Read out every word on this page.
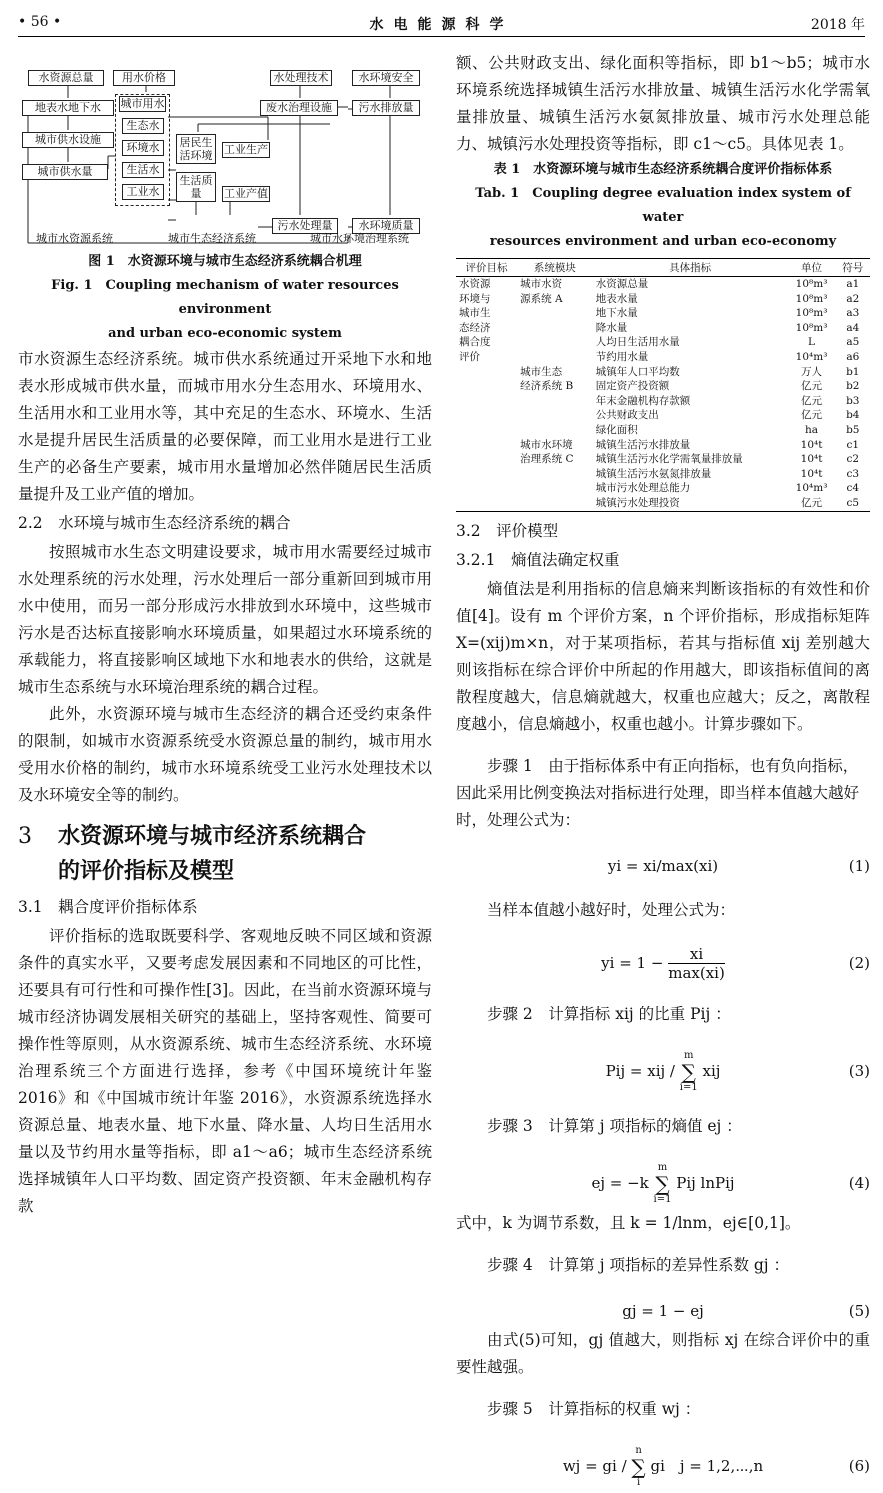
• 56 •	水电能源科学	2018 年
水资源总量
地表水地下水
城市供水设施
城市供水量
用水价格
城市用水
生态水
环境水
生活水
工业水
居民生活环境
生活质量
工业生产
工业产值
水处理技术
废水治理设施
污水处理量
水环境安全
污水排放量
水环境质量
城市水资源系统	城市生态经济系统	城市水环境治理系统
图 1　水资源环境与城市生态经济系统耦合机理
Fig. 1　Coupling mechanism of water resources environment
and urban eco-economic system

市水资源生态经济系统。城市供水系统通过开采地下水和地表水形成城市供水量，而城市用水分生态用水、环境用水、生活用水和工业用水等，其中充足的生态水、环境水、生活水是提升居民生活质量的必要保障，而工业用水是进行工业生产的必备生产要素，城市用水量增加必然伴随居民生活质量提升及工业产值的增加。

2.2　水环境与城市生态经济系统的耦合

按照城市水生态文明建设要求，城市用水需要经过城市水处理系统的污水处理，污水处理后一部分重新回到城市用水中使用，而另一部分形成污水排放到水环境中，这些城市污水是否达标直接影响水环境质量，如果超过水环境系统的承载能力，将直接影响区域地下水和地表水的供给，这就是城市生态系统与水环境治理系统的耦合过程。

此外，水资源环境与城市生态经济的耦合还受约束条件的限制，如城市水资源系统受水资源总量的制约，城市用水受用水价格的制约，城市水环境系统受工业污水处理技术以及水环境安全等的制约。

3 水资源环境与城市经济系统耦合
的评价指标及模型
3.1　耦合度评价指标体系

评价指标的选取既要科学、客观地反映不同区域和资源条件的真实水平，又要考虑发展因素和不同地区的可比性，还要具有可行性和可操作性[3]。因此，在当前水资源环境与城市经济协调发展相关研究的基础上，坚持客观性、简要可操作性等原则，从水资源系统、城市生态经济系统、水环境治理系统三个方面进行选择，参考《中国环境统计年鉴 2016》和《中国城市统计年鉴 2016》，水资源系统选择水资源总量、地表水量、地下水量、降水量、人均日生活用水量以及节约用水量等指标，即 a1～a6；城市生态经济系统选择城镇年人口平均数、固定资产投资额、年末金融机构存款

额、公共财政支出、绿化面积等指标，即 b1～b5；城市水环境系统选择城镇生活污水排放量、城镇生活污水化学需氧量排放量、城镇生活污水氨氮排放量、城市污水处理总能力、城镇污水处理投资等指标，即 c1～c5。具体见表 1。

表 1　水资源环境与城市生态经济系统耦合度评价指标体系
Tab. 1　Coupling degree evaluation index system of water
resources environment and urban eco-economy
评价目标	系统模块	具体指标	单位	符号
水资源	城市水资	水资源总量	10⁸m³	a1
环境与	源系统 A	地表水量	10⁸m³	a2
城市生		地下水量	10⁸m³	a3
态经济		降水量	10⁸m³	a4
耦合度		人均日生活用水量	L	a5
评价		节约用水量	10⁴m³	a6
	城市生态	城镇年人口平均数	万人	b1
	经济系统 B	固定资产投资额	亿元	b2
		年末金融机构存款额	亿元	b3
		公共财政支出	亿元	b4
		绿化面积	ha	b5
	城市水环境	城镇生活污水排放量	10⁴t	c1
	治理系统 C	城镇生活污水化学需氧量排放量	10⁴t	c2
		城镇生活污水氨氮排放量	10⁴t	c3
		城市污水处理总能力	10⁴m³	c4
		城镇污水处理投资	亿元	c5
3.2　评价模型
3.2.1　熵值法确定权重

熵值法是利用指标的信息熵来判断该指标的有效性和价值[4]。设有 m 个评价方案，n 个评价指标，形成指标矩阵 X=(xij)m×n，对于某项指标，若其与指标值 xij 差别越大则该指标在综合评价中所起的作用越大，即该指标值间的离散程度越大，信息熵就越大，权重也应越大；反之，离散程度越小，信息熵越小，权重也越小。计算步骤如下。

步骤 1　由于指标体系中有正向指标，也有负向指标，因此采用比例变换法对指标进行处理，即当样本值越大越好时，处理公式为：

yi = xi/max(xi)	(1)

当样本值越小越好时，处理公式为：

yi = $1 - \frac{xi}{\max(xi)}$	(2)

步骤 2　计算指标 xij 的比重 Pij ：

Pij = xij /
m
∑
i=1
xij	(3)

步骤 3　计算第 j 项指标的熵值 ej ：

ej = −k
m
∑
i=1
Pij lnPij	(4)

式中，k 为调节系数，且 k = 1/lnm，ej∈[0,1]。

步骤 4　计算第 j 项指标的差异性系数 gj ：

gj = 1 − ej	(5)

由式(5)可知，gj 值越大，则指标 xj 在综合评价中的重要性越强。

步骤 5　计算指标的权重 wj ：

wj = gi /
n
∑
i
gi　j = 1,2,⋯,n	(6)
